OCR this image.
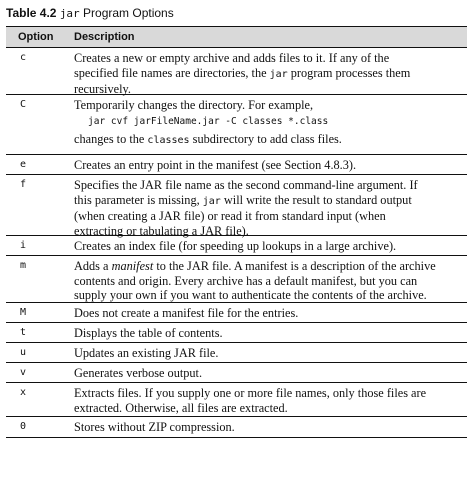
Table 4.2 jar Program Options
Option	Description
c	Creates a new or empty archive and adds files to it. If any of the
specified file names are directories, the jar program processes them
recursively.
C	Temporarily changes the directory. For example,
jar cvf jarFileName.jar -C classes *.class
changes to the classes subdirectory to add class files.
e	Creates an entry point in the manifest (see Section 4.8.3).
f	Specifies the JAR file name as the second command-line argument. If
this parameter is missing, jar will write the result to standard output
(when creating a JAR file) or read it from standard input (when
extracting or tabulating a JAR file).
i	Creates an index file (for speeding up lookups in a large archive).
m	Adds a manifest to the JAR file. A manifest is a description of the archive
contents and origin. Every archive has a default manifest, but you can
supply your own if you want to authenticate the contents of the archive.
M	Does not create a manifest file for the entries.
t	Displays the table of contents.
u	Updates an existing JAR file.
v	Generates verbose output.
x	Extracts files. If you supply one or more file names, only those files are
extracted. Otherwise, all files are extracted.
0	Stores without ZIP compression.
